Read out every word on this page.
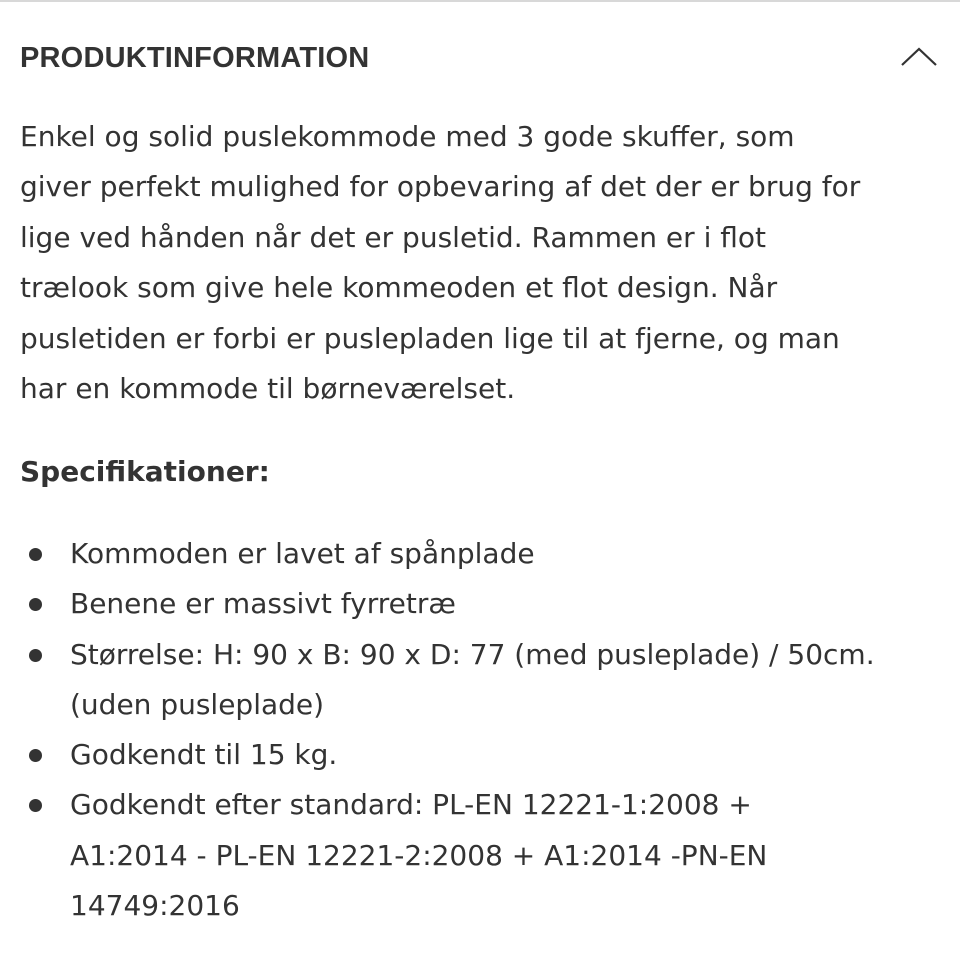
PRODUKTINFORMATION
Enkel og solid puslekommode med 3 gode skuffer, som
giver perfekt mulighed for opbevaring af det der er brug for
lige ved hånden når det er pusletid. Rammen er i flot
trælook som give hele kommeoden et flot design. Når
pusletiden er forbi er puslepladen lige til at fjerne, og man
har en kommode til børneværelset.
Specifikationer:
Kommoden er lavet af spånplade
Benene er massivt fyrretræ
Størrelse: H: 90 x B: 90 x D: 77 (med pusleplade) / 50cm.
(uden pusleplade)
Godkendt til 15 kg.
Godkendt efter standard: PL-EN 12221-1:2008 +
A1:2014 - PL-EN 12221-2:2008 + A1:2014 -PN-EN
14749:2016
